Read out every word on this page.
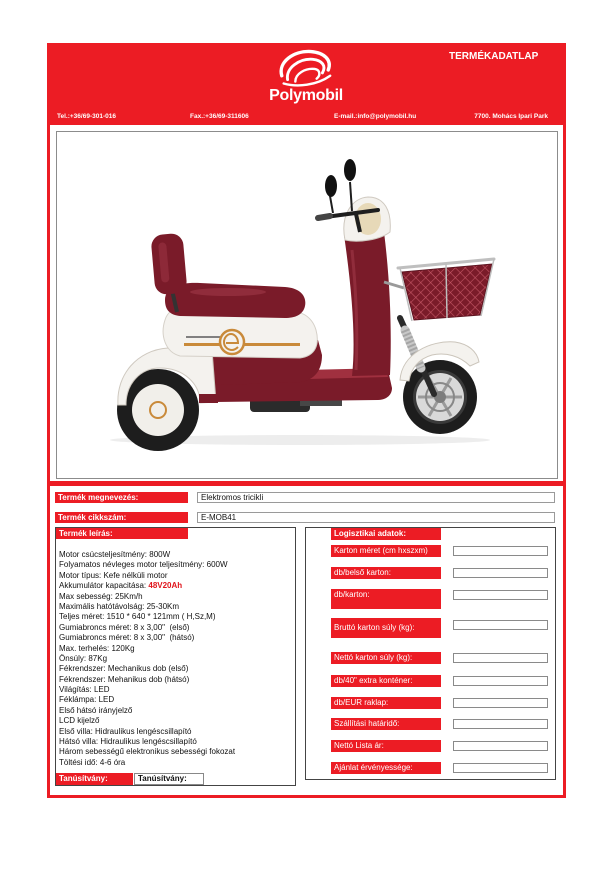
TERMÉKADATLAP
Polymobil
Tel.:+36/69-301-016	Fax.:+36/69-311606	E-mail.:info@polymobil.hu	7700. Mohács Ipari Park
Termék megnevezés:	Elektromos tricikli
Termék cikkszám:	E-MOB41
Termék leírás:
Motor csúcsteljesítmény: 800W
Folyamatos névleges motor teljesítmény: 600W
Motor típus: Kefe nélküli motor
Akkumulátor kapacitása: 48V20Ah
Max sebesség: 25Km/h
Maximális hatótávolság: 25-30Km
Teljes méret: 1510 * 640 * 121mm ( H,Sz,M)
Gumiabroncs méret: 8 x 3,00"  (első)
Gumiabroncs méret: 8 x 3,00"  (hátsó)
Max. terhelés: 120Kg
Önsúly: 87Kg
Fékrendszer: Mechanikus dob (első)
Fékrendszer: Mehanikus dob (hátsó)
Világítás: LED
Féklámpa: LED
Első hátsó irányjelző
LCD kijelző
Első villa: Hidraulikus lengéscsillapító
Hátsó villa: Hidraulikus lengéscsillapító
Három sebességű elektronikus sebességi fokozat
Töltési idő: 4-6 óra
Tanúsítvány:	Tanúsítvány:
Logisztikai adatok:
Karton méret (cm hxszxm)
db/belső karton:
db/karton:
Bruttó karton súly (kg):
Nettó karton súly (kg):
db/40" extra konténer:
db/EUR raklap:
Szállítási határidő:
Nettó Lista ár:
Ajánlat érvényessége:
